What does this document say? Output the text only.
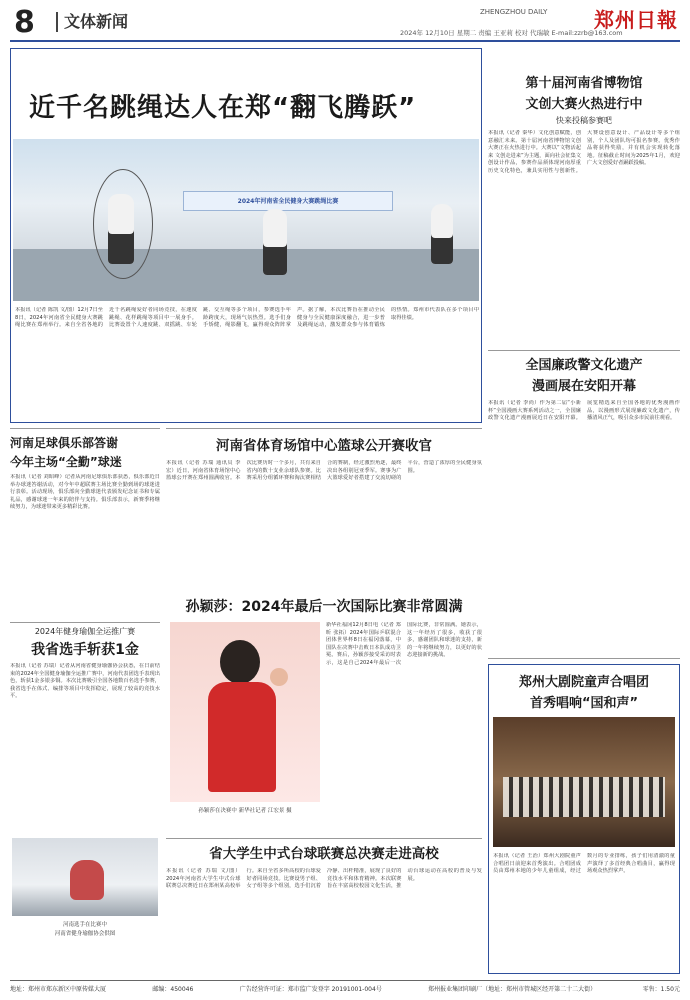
8	文体新闻	ZHENGZHOU DAILY 郑州日報
2024年 12月10日 星期二 责编 王亚莉 校对 代瑞敏 E-mail:zzrb@163.com
近千名跳绳达人在郑“翻飞腾跃”
2024年河南省全民健身大赛跳绳比赛
本报讯（记者 陈凯 文/图）12月7日至8日，2024年河南省全民健身大赛跳绳比赛在郑州举行。来自全省各地的近千名跳绳爱好者同场竞技，在速度跳绳、花样跳绳等项目中一展身手。比赛设置个人速度跳、双摇跳、车轮跳、交互绳等多个项目，参赛选手年龄跨度大，现场气氛热烈。选手们身手矫健，绳影翻飞，赢得观众阵阵掌声。据了解，本次比赛旨在推动全民健身与全民健康深度融合，进一步普及跳绳运动，激发群众参与体育锻炼的热情。郑州市代表队在多个项目中取得佳绩。
第十届河南省博物馆
文创大赛火热进行中
快来投稿参赛吧
本报讯（记者 秦华）文化创意赋能，创意融汇未来。第十届河南省博物馆文创大赛正在火热进行中。大赛以“文物活起来 文创走进来”为主题，面向社会征集文创设计作品，参赛作品须体现河南厚重历史文化特色，兼具实用性与创新性。大赛设创意设计、产品设计等多个组别，个人及团队均可报名参赛。优秀作品将获得奖励，并有机会实现转化落地。征稿截止时间为2025年1月，欢迎广大文创爱好者踊跃投稿。
河南足球俱乐部答谢
今年主场“全勤”球迷
本报讯（记者 刘昭峰）记者从河南足球俱乐部获悉，俱乐部近日举办球迷答谢活动，对今年中超联赛主场比赛全勤到场的球迷进行表彰。活动现场，俱乐部向全勤球迷代表颁发纪念证书和专属礼品，感谢球迷一年来的陪伴与支持。俱乐部表示，新赛季将继续努力，为球迷带来更多精彩比赛。
2024年健身瑜伽全运推广赛
我省选手斩获1金
本报讯（记者 苏瑞）记者从河南省健身瑜伽协会获悉，在日前结束的2024年全国健身瑜伽全运推广赛中，河南代表团选手表现出色，斩获1金多银多铜。本次比赛吸引全国各地数百名选手参赛，我省选手在体式、编排等项目中发挥稳定，展现了较高的竞技水平。
河南选手在比赛中
河南省健身瑜伽协会供图
河南省体育场馆中心篮球公开赛收官
本报讯（记者 苏瑞 通讯员 李宏）近日，河南省体育场馆中心篮球公开赛在郑州圆满收官。本次比赛历时一个多月，共有来自省内的数十支业余球队参赛。比赛采用分组循环赛和淘汰赛相结合的赛制，经过激烈角逐，最终决出各组别冠亚季军。赛事为广大篮球爱好者搭建了交流切磋的平台，营造了浓厚的全民健身氛围。
全国廉政警文化遗产
漫画展在安阳开幕
本报讯（记者 李尚）作为第二届“小新杯”全国漫画大赛系列活动之一，全国廉政警文化遗产漫画展近日在安阳开幕。展览精选来自全国各地的优秀漫画作品，以漫画形式展现廉政文化遗产，传播清风正气，吸引众多市民前往观看。
孙颖莎：2024年最后一次国际比赛非常圆满
孙颖莎在决赛中 新华社记者 江宏景 摄
新华社福冈12月8日电（记者 郑昕 张拓）2024年国际乒联混合团体世界杯8日在福冈落幕，中国队在决赛中击败日本队成功卫冕。赛后，孙颖莎接受采访时表示，这是自己2024年最后一次国际比赛，非常圆满。她表示，这一年经历了很多，收获了很多，感谢团队和球迷的支持，新的一年将继续努力，以更好的状态迎接新的挑战。
郑州大剧院童声合唱团
首秀唱响“国和声”
本报讯（记者 王治）郑州大剧院童声合唱团日前迎来首秀演出。合唱团成员由郑州本地的少年儿童组成，经过数月的专业排练，孩子们用清澈的童声演绎了多首经典合唱曲目，赢得现场观众热烈掌声。
省大学生中式台球联赛总决赛走进高校
本报讯（记者 苏瑞 文/图）2024年河南省大学生中式台球联赛总决赛近日在郑州某高校举行。来自全省多所高校的台球爱好者同场竞技。比赛设男子组、女子组等多个组别，选手们沉着冷静、出杆精准，展现了良好的竞技水平和体育精神。本次联赛旨在丰富高校校园文化生活，推动台球运动在高校的普及与发展。
地址：郑州市郑东新区中原传媒大厦	邮编：450046	广告经营许可证：郑市监广发登字 20191001-004号	郑州报业集团印刷厂（地址：郑州市管城区经开第二十二大街）	零售：1.50元
